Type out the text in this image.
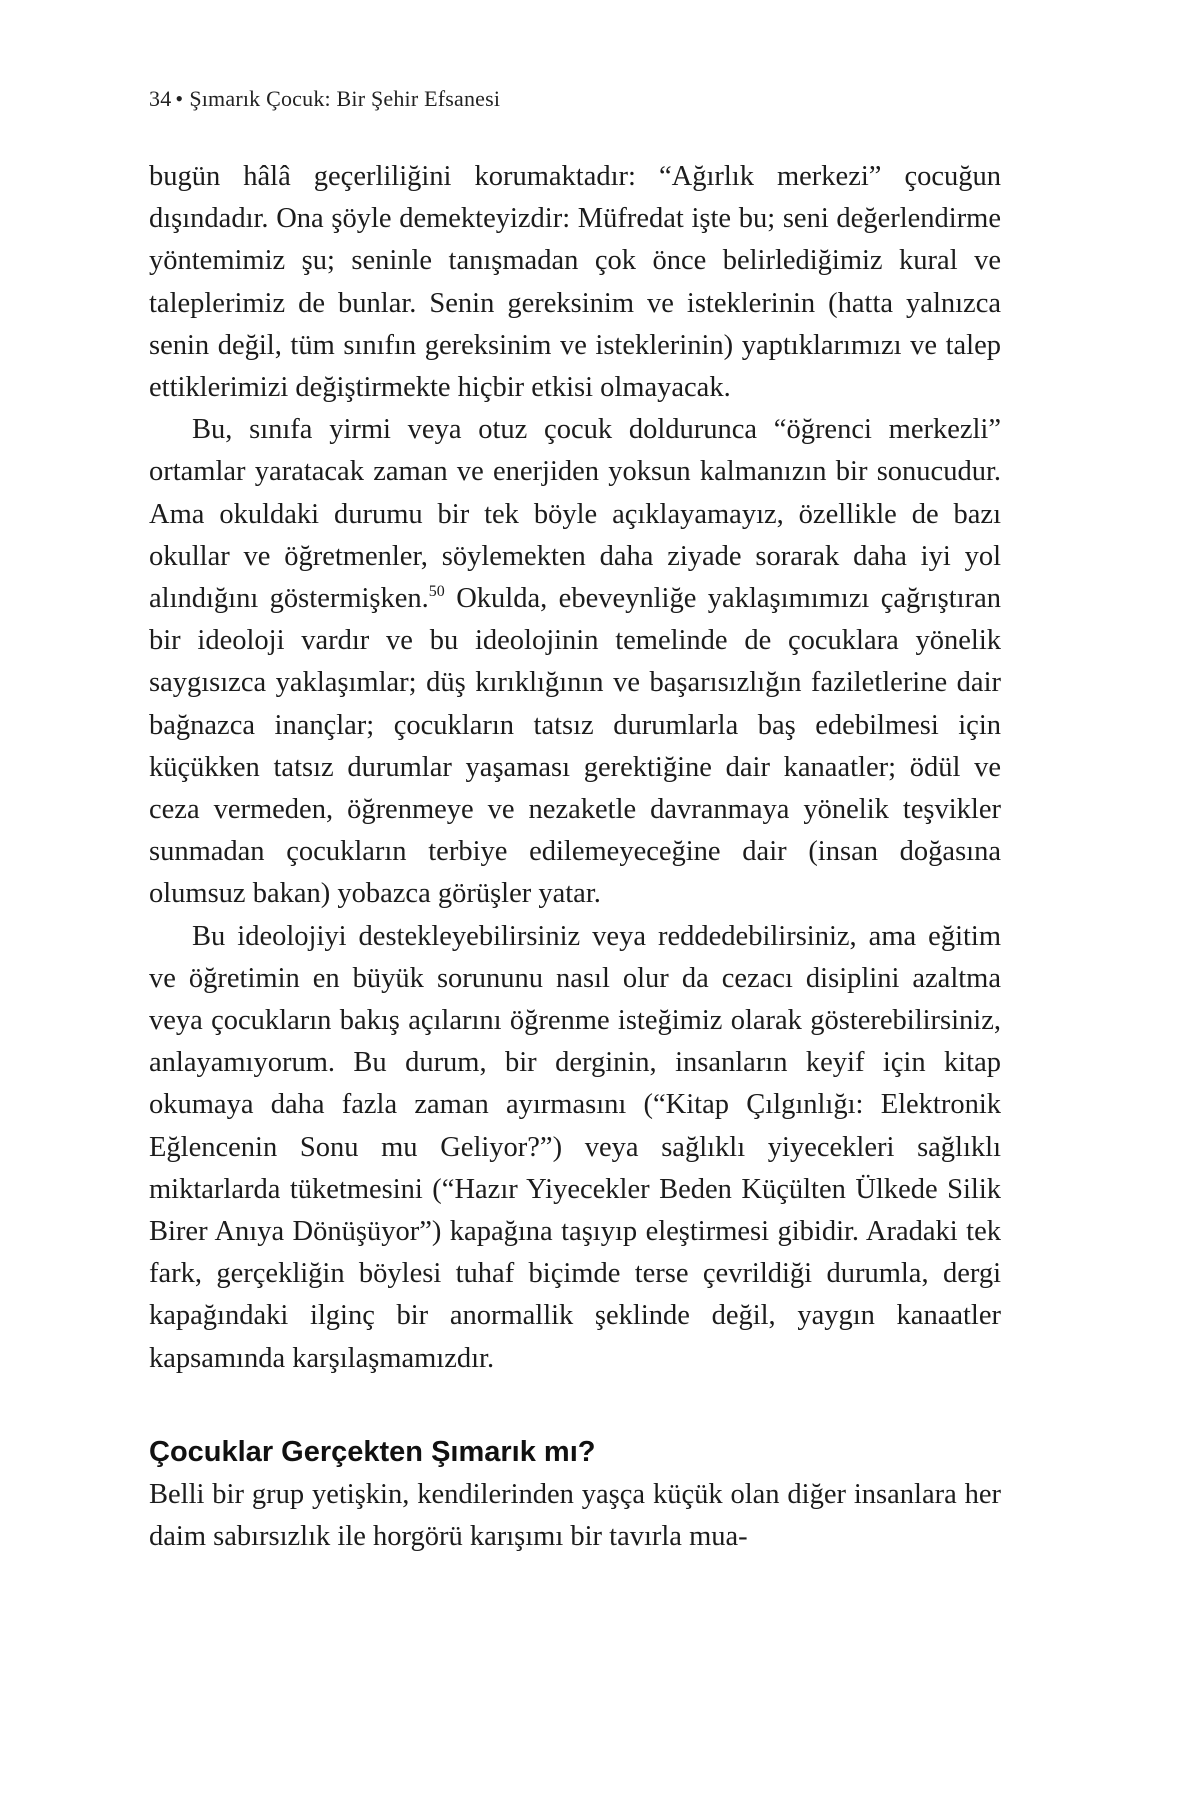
34 • Şımarık Çocuk: Bir Şehir Efsanesi

bugün hâlâ geçerliliğini korumaktadır: “Ağırlık merkezi” çocuğun dışındadır. Ona şöyle demekteyizdir: Müfredat işte bu; seni değerlendirme yöntemimiz şu; seninle tanışmadan çok önce belirlediğimiz kural ve taleplerimiz de bunlar. Senin gereksinim ve isteklerinin (hatta yalnızca senin değil, tüm sınıfın gereksinim ve isteklerinin) yaptıklarımızı ve talep ettiklerimizi değiştirmekte hiçbir etkisi olmayacak.

Bu, sınıfa yirmi veya otuz çocuk doldurunca “öğrenci merkezli” ortamlar yaratacak zaman ve enerjiden yoksun kalmanızın bir sonucudur. Ama okuldaki durumu bir tek böyle açıklayamayız, özellikle de bazı okullar ve öğretmenler, söylemekten daha ziyade sorarak daha iyi yol alındığını göstermişken.$^{50}$ Okulda, ebeveynliğe yaklaşımımızı çağrıştıran bir ideoloji vardır ve bu ideolojinin temelinde de çocuklara yönelik saygısızca yaklaşımlar; düş kırıklığının ve başarısızlığın faziletlerine dair bağnazca inançlar; çocukların tatsız durumlarla baş edebilmesi için küçükken tatsız durumlar yaşaması gerektiğine dair kanaatler; ödül ve ceza vermeden, öğrenmeye ve nezaketle davranmaya yönelik teşvikler sunmadan çocukların terbiye edilemeyeceğine dair (insan doğasına olumsuz bakan) yobazca görüşler yatar.

Bu ideolojiyi destekleyebilirsiniz veya reddedebilirsiniz, ama eğitim ve öğretimin en büyük sorununu nasıl olur da cezacı disiplini azaltma veya çocukların bakış açılarını öğrenme isteğimiz olarak gösterebilirsiniz, anlayamıyorum. Bu durum, bir derginin, insanların keyif için kitap okumaya daha fazla zaman ayırmasını (“Kitap Çılgınlığı: Elektronik Eğlencenin Sonu mu Geliyor?”) veya sağlıklı yiyecekleri sağlıklı miktarlarda tüketmesini (“Hazır Yiyecekler Beden Küçülten Ülkede Silik Birer Anıya Dönüşüyor”) kapağına taşıyıp eleştirmesi gibidir. Aradaki tek fark, gerçekliğin böylesi tuhaf biçimde terse çevrildiği durumla, dergi kapağındaki ilginç bir anormallik şeklinde değil, yaygın kanaatler kapsamında karşılaşmamızdır.

Çocuklar Gerçekten Şımarık mı?

Belli bir grup yetişkin, kendilerinden yaşça küçük olan diğer insanlara her daim sabırsızlık ile horgörü karışımı bir tavırla mua-
